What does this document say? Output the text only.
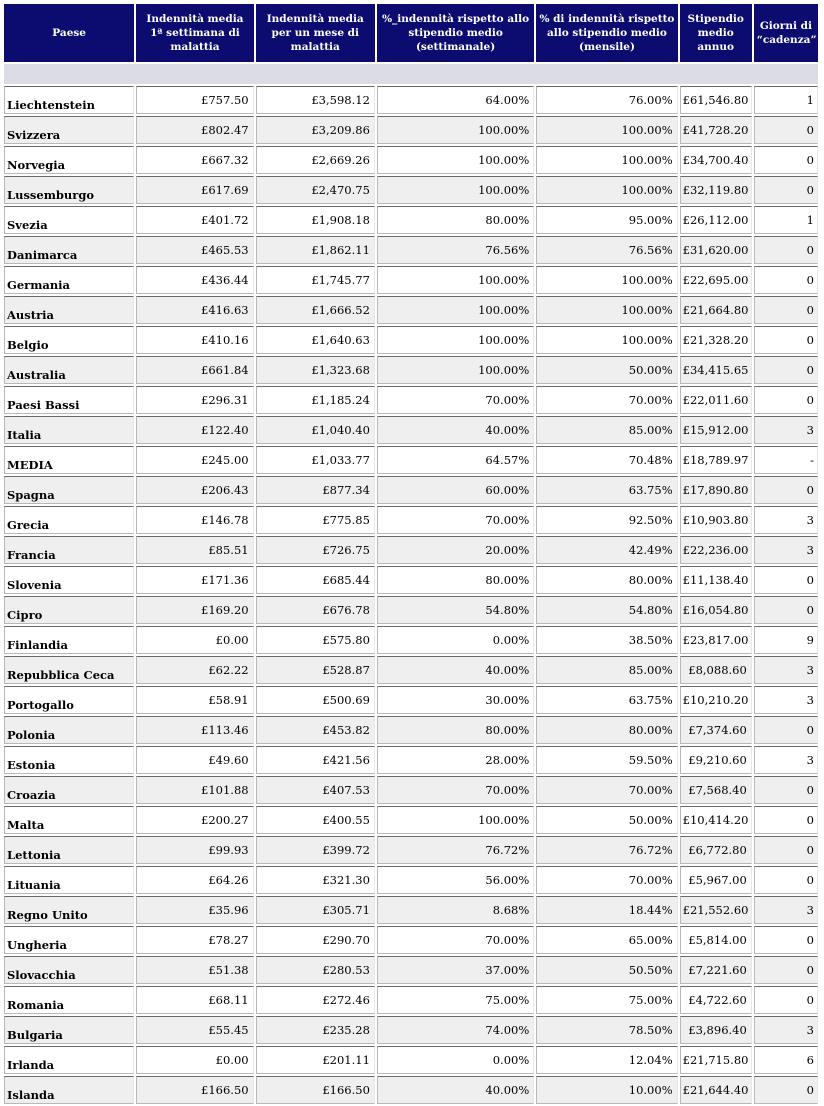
Paese	Indennità media 1ª settimana di malattia	Indennità media per un mese di malattia	%_indennità rispetto allo stipendio medio (settimanale)	% di indennità rispetto allo stipendio medio (mensile)	Stipendio medio annuo	Giorni di “cadenza”

Liechtenstein	£757.50	£3,598.12	64.00%	76.00%	£61,546.80	1
Svizzera	£802.47	£3,209.86	100.00%	100.00%	£41,728.20	0
Norvegia	£667.32	£2,669.26	100.00%	100.00%	£34,700.40	0
Lussemburgo	£617.69	£2,470.75	100.00%	100.00%	£32,119.80	0
Svezia	£401.72	£1,908.18	80.00%	95.00%	£26,112.00	1
Danimarca	£465.53	£1,862.11	76.56%	76.56%	£31,620.00	0
Germania	£436.44	£1,745.77	100.00%	100.00%	£22,695.00	0
Austria	£416.63	£1,666.52	100.00%	100.00%	£21,664.80	0
Belgio	£410.16	£1,640.63	100.00%	100.00%	£21,328.20	0
Australia	£661.84	£1,323.68	100.00%	50.00%	£34,415.65	0
Paesi Bassi	£296.31	£1,185.24	70.00%	70.00%	£22,011.60	0
Italia	£122.40	£1,040.40	40.00%	85.00%	£15,912.00	3
MEDIA	£245.00	£1,033.77	64.57%	70.48%	£18,789.97	-
Spagna	£206.43	£877.34	60.00%	63.75%	£17,890.80	0
Grecia	£146.78	£775.85	70.00%	92.50%	£10,903.80	3
Francia	£85.51	£726.75	20.00%	42.49%	£22,236.00	3
Slovenia	£171.36	£685.44	80.00%	80.00%	£11,138.40	0
Cipro	£169.20	£676.78	54.80%	54.80%	£16,054.80	0
Finlandia	£0.00	£575.80	0.00%	38.50%	£23,817.00	9
Repubblica Ceca	£62.22	£528.87	40.00%	85.00%	£8,088.60	3
Portogallo	£58.91	£500.69	30.00%	63.75%	£10,210.20	3
Polonia	£113.46	£453.82	80.00%	80.00%	£7,374.60	0
Estonia	£49.60	£421.56	28.00%	59.50%	£9,210.60	3
Croazia	£101.88	£407.53	70.00%	70.00%	£7,568.40	0
Malta	£200.27	£400.55	100.00%	50.00%	£10,414.20	0
Lettonia	£99.93	£399.72	76.72%	76.72%	£6,772.80	0
Lituania	£64.26	£321.30	56.00%	70.00%	£5,967.00	0
Regno Unito	£35.96	£305.71	8.68%	18.44%	£21,552.60	3
Ungheria	£78.27	£290.70	70.00%	65.00%	£5,814.00	0
Slovacchia	£51.38	£280.53	37.00%	50.50%	£7,221.60	0
Romania	£68.11	£272.46	75.00%	75.00%	£4,722.60	0
Bulgaria	£55.45	£235.28	74.00%	78.50%	£3,896.40	3
Irlanda	£0.00	£201.11	0.00%	12.04%	£21,715.80	6
Islanda	£166.50	£166.50	40.00%	10.00%	£21,644.40	0
